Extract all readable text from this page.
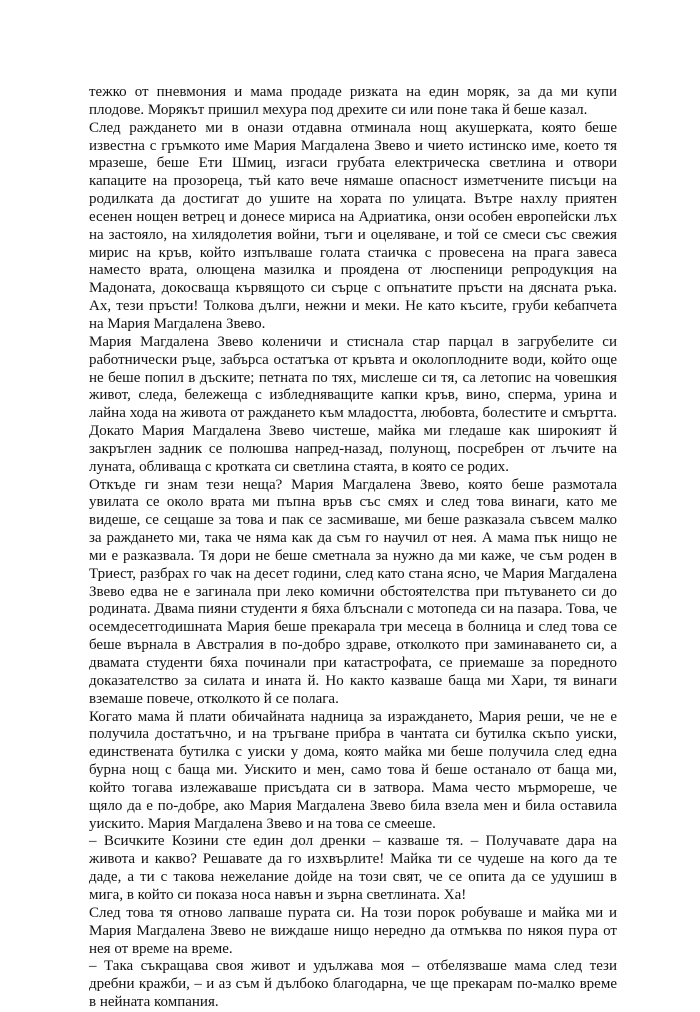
тежко от пневмония и мама продаде ризката на един моряк, за да ми купи плодове. Морякът пришил мехура под дрехите си или поне така й беше казал.

След раждането ми в онази отдавна отминала нощ акушерката, която беше известна с гръмкото име Мария Магдалена Звево и чието истинско име, което тя мразеше, беше Ети Шмиц, изгаси грубата електрическа светлина и отвори капаците на прозореца, тъй като вече нямаше опасност изметчените писъци на родилката да достигат до ушите на хората по улицата. Вътре нахлу приятен есенен нощен ветрец и донесе мириса на Адриатика, онзи особен европейски лъх на застояло, на хилядолетия войни, тъги и оцеляване, и той се смеси със свежия мирис на кръв, който изпълваше голата стаичка с провесена на прага завеса наместо врата, олющена мазилка и проядена от люспеници репродукция на Мадоната, докосваща кървящото си сърце с опънатите пръсти на дясната ръка. Ах, тези пръсти! Толкова дълги, нежни и меки. Не като късите, груби кебапчета на Мария Магдалена Звево.

Мария Магдалена Звево коленичи и стиснала стар парцал в загрубелите си работнически ръце, забърса остатъка от кръвта и околоплодните води, който още не беше попил в дъските; петната по тях, мислеше си тя, са летопис на човешкия живот, следа, бележеща с избледняващите капки кръв, вино, сперма, урина и лайна хода на живота от раждането към младостта, любовта, болестите и смъртта. Докато Мария Магдалена Звево чистеше, майка ми гледаше как широкият й закръглен задник се полюшва напред-назад, полунощ, посребрен от лъчите на луната, обливаща с кротката си светлина стаята, в която се родих.

Откъде ги знам тези неща? Мария Магдалена Звево, която беше размотала увилата се около врата ми пъпна връв със смях и след това винаги, като ме видеше, се сещаше за това и пак се засмиваше, ми беше разказала съвсем малко за раждането ми, така че няма как да съм го научил от нея. А мама пък нищо не ми е разказвала. Тя дори не беше сметнала за нужно да ми каже, че съм роден в Триест, разбрах го чак на десет години, след като стана ясно, че Мария Магдалена Звево едва не е загинала при леко комични обстоятелства при пътуването си до родината. Двама пияни студенти я бяха блъснали с мотопеда си на пазара. Това, че осемдесетгодишната Мария беше прекарала три месеца в болница и след това се беше върнала в Австралия в по-добро здраве, отколкото при заминаването си, а двамата студенти бяха починали при катастрофата, се приемаше за поредното доказателство за силата и ината й. Но както казваше баща ми Хари, тя винаги вземаше повече, отколкото й се полага.

Когато мама й плати обичайната надница за израждането, Мария реши, че не е получила достатъчно, и на тръгване прибра в чантата си бутилка скъпо уиски, единствената бутилка с уиски у дома, която майка ми беше получила след една бурна нощ с баща ми. Уискито и мен, само това й беше останало от баща ми, който тогава излежаваше присъдата си в затвора. Мама често мърмореше, че щяло да е по-добре, ако Мария Магдалена Звево била взела мен и била оставила уискито. Мария Магдалена Звево и на това се смееше.

– Всичките Козини сте един дол дренки – казваше тя. – Получавате дара на живота и какво? Решавате да го изхвърлите! Майка ти се чудеше на кого да те даде, а ти с такова нежелание дойде на този свят, че се опита да се удушиш в мига, в който си показа носа навън и зърна светлината. Ха!

След това тя отново лапваше пурата си. На този порок робуваше и майка ми и Мария Магдалена Звево не виждаше нищо нередно да отмъква по някоя пура от нея от време на време.

– Така съкращава своя живот и удължава моя – отбелязваше мама след тези дребни кражби, – и аз съм й дълбоко благодарна, че ще прекарам по-малко време в нейната компания.
